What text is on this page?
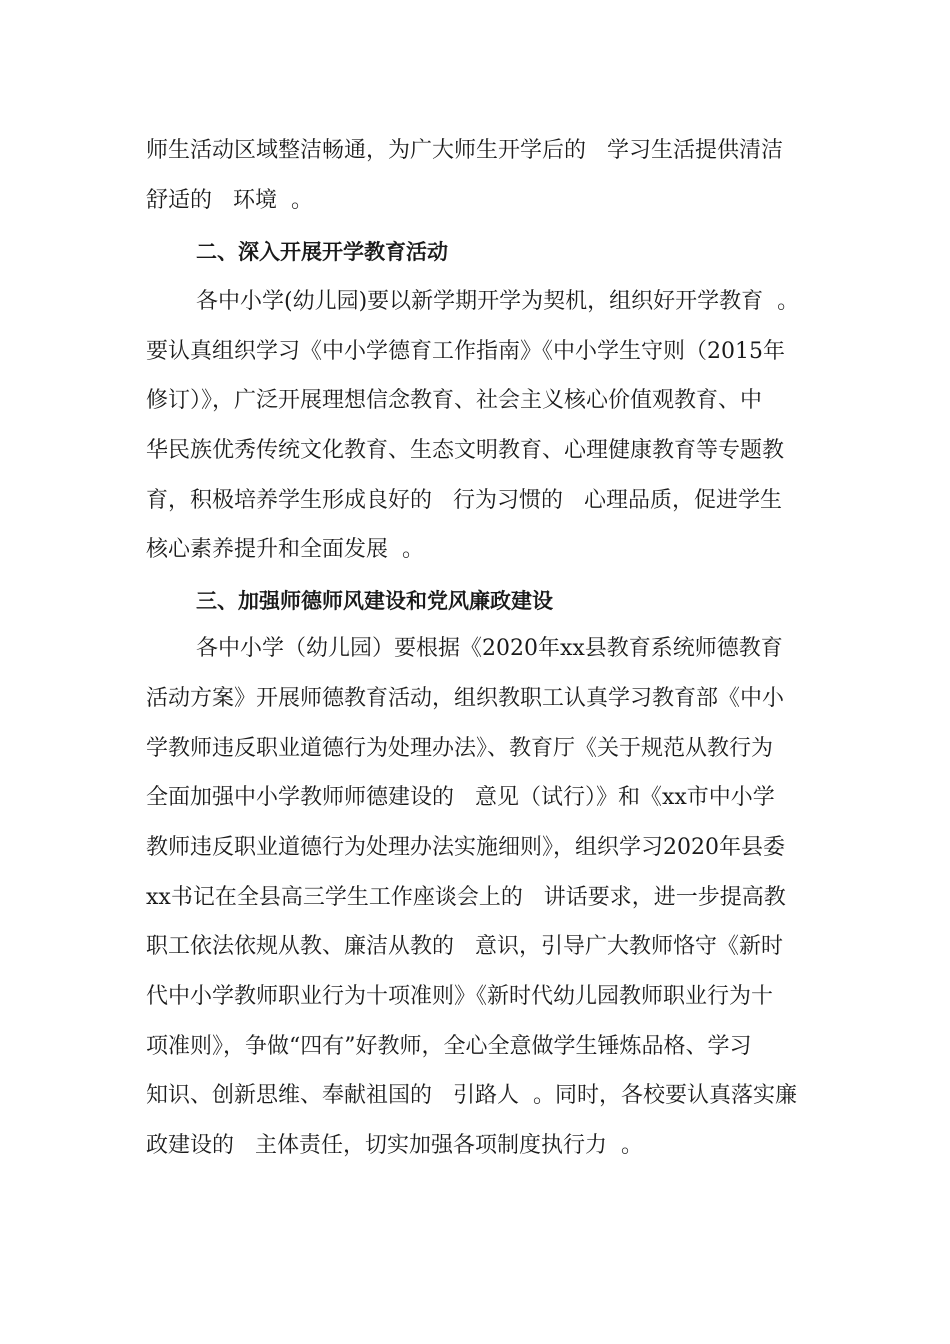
师生活动区域整洁畅通，为广大师生开学后的   学习生活提供清洁
舒适的   环境  。
二、深入开展开学教育活动
各中小学(幼儿园)要以新学期开学为契机，组织好开学教育  。
要认真组织学习《中小学德育工作指南》《中小学生守则（2015年
修订）》，广泛开展理想信念教育、社会主义核心价值观教育、中
华民族优秀传统文化教育、生态文明教育、心理健康教育等专题教
育，积极培养学生形成良好的   行为习惯的   心理品质，促进学生
核心素养提升和全面发展  。
三、加强师德师风建设和党风廉政建设
各中小学（幼儿园）要根据《2020年xx县教育系统师德教育
活动方案》开展师德教育活动，组织教职工认真学习教育部《中小
学教师违反职业道德行为处理办法》、教育厅《关于规范从教行为
全面加强中小学教师师德建设的   意见（试行）》和《xx市中小学
教师违反职业道德行为处理办法实施细则》，组织学习2020年县委
xx书记在全县高三学生工作座谈会上的   讲话要求，进一步提高教
职工依法依规从教、廉洁从教的   意识，引导广大教师恪守《新时
代中小学教师职业行为十项准则》《新时代幼儿园教师职业行为十
项准则》，争做“四有”好教师，全心全意做学生锤炼品格、学习
知识、创新思维、奉献祖国的   引路人  。同时，各校要认真落实廉
政建设的   主体责任，切实加强各项制度执行力  。
